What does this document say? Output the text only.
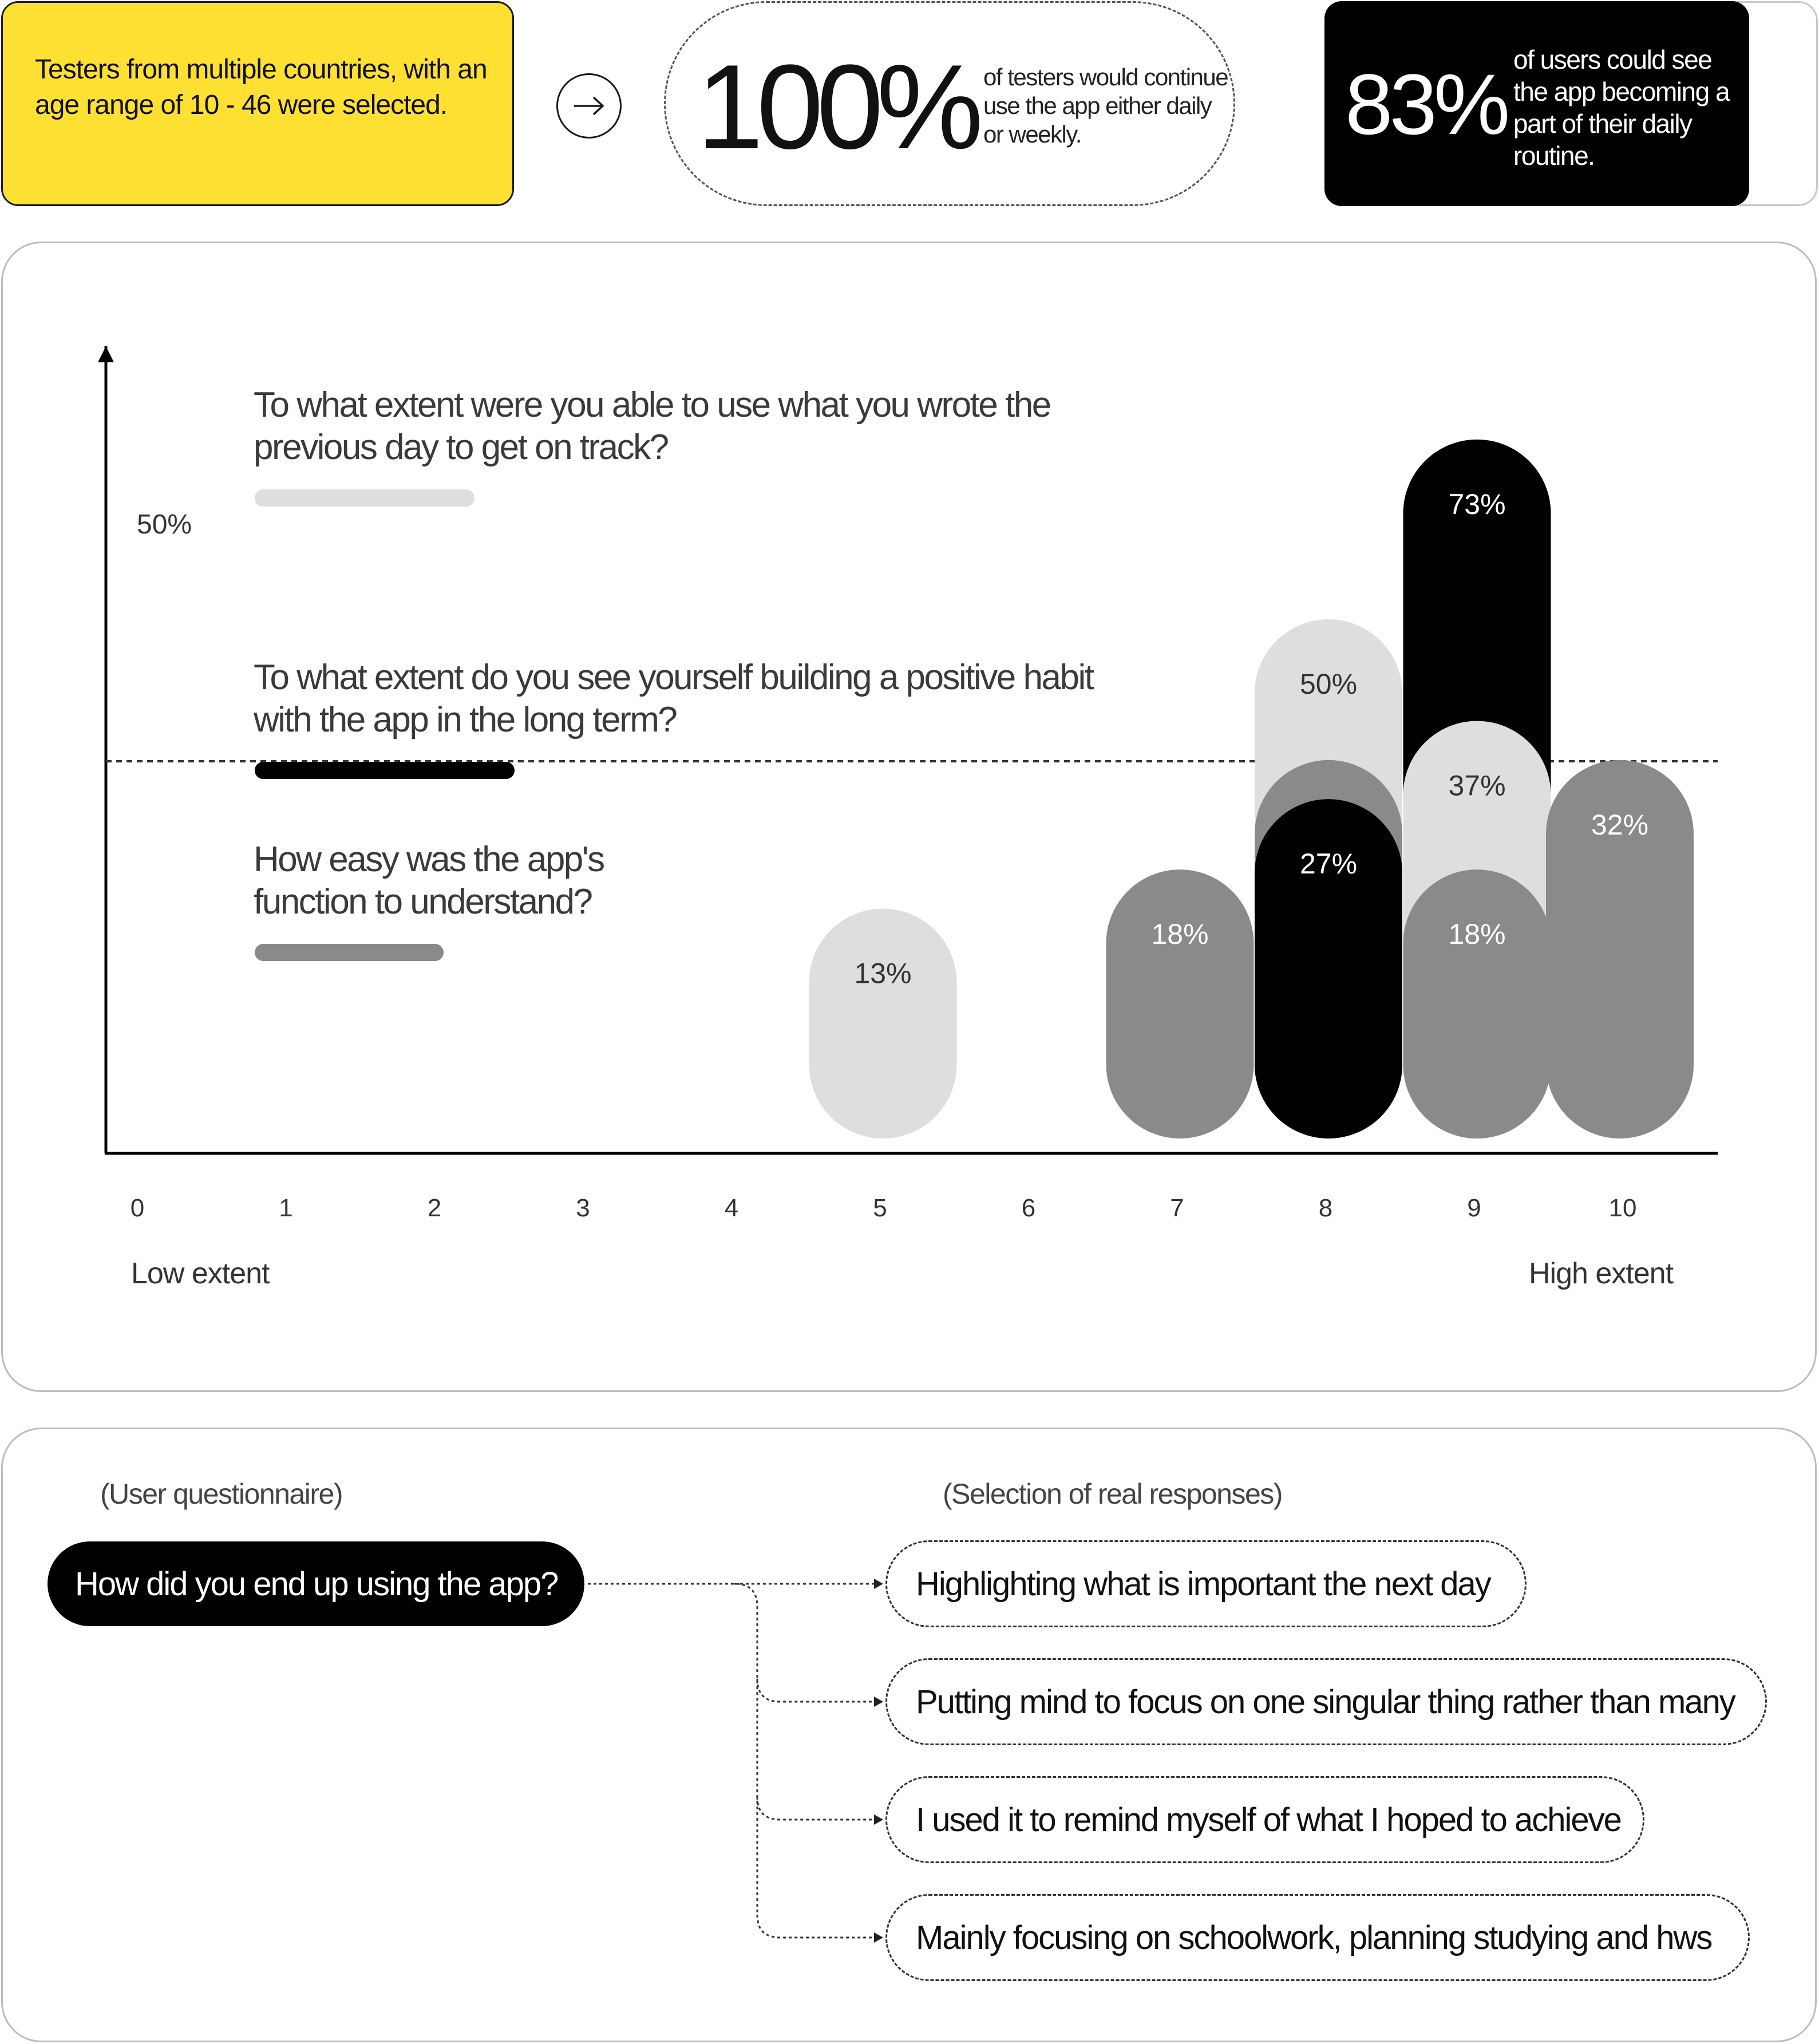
Testers from multiple countries, with an age range of 10 - 46 were selected.	100% of testers would continue use the app either daily or weekly.	83% of users could see the app becoming a part of their daily routine.
0	1	2	3	4	5	6	7	8	9	10
73%
50%
37%
32%
27%
18%	18%
13%
50%
To what extent were you able to use what you wrote the previous day to get on track?
To what extent do you see yourself building a positive habit with the app in the long term?
How easy was the app's function to understand?
Low extent	High extent
(User questionnaire)	(Selection of real responses)
How did you end up using the app?	Highlighting what is important the next day
Putting mind to focus on one singular thing rather than many
I used it to remind myself of what I hoped to achieve
Mainly focusing on schoolwork, planning studying and hws
